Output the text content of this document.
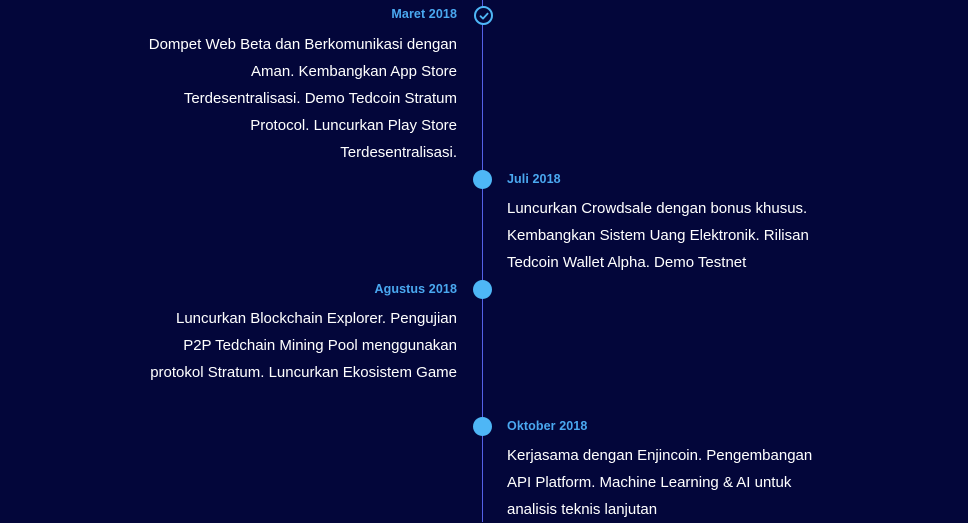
Maret 2018
Dompet Web Beta dan Berkomunikasi dengan Aman. Kembangkan App Store Terdesentralisasi. Demo Tedcoin Stratum Protocol. Luncurkan Play Store Terdesentralisasi.
Juli 2018
Luncurkan Crowdsale dengan bonus khusus. Kembangkan Sistem Uang Elektronik. Rilisan Tedcoin Wallet Alpha. Demo Testnet
Agustus 2018
Luncurkan Blockchain Explorer. Pengujian P2P Tedchain Mining Pool menggunakan protokol Stratum. Luncurkan Ekosistem Game
Oktober 2018
Kerjasama dengan Enjincoin. Pengembangan API Platform. Machine Learning & AI untuk analisis teknis lanjutan
